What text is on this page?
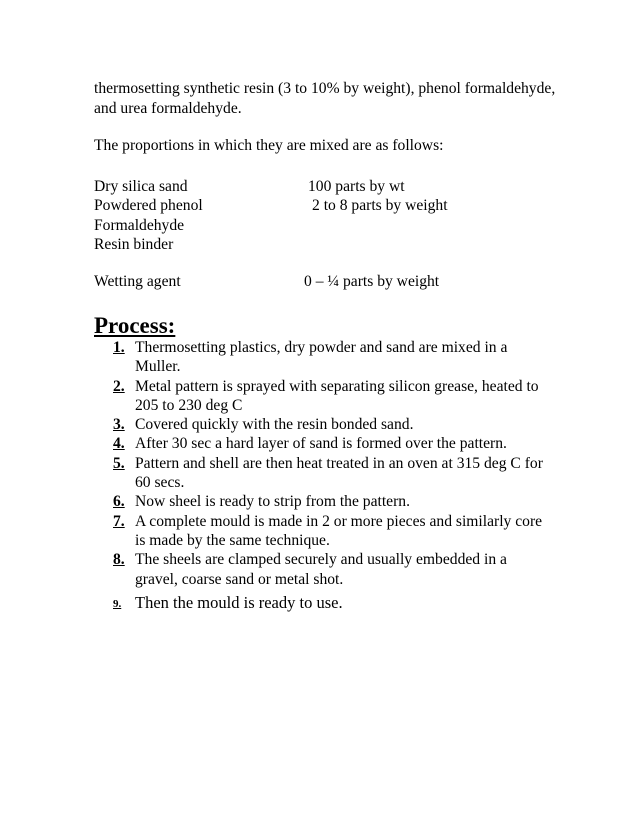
thermosetting synthetic resin (3 to 10% by weight), phenol formaldehyde, and urea formaldehyde.

The proportions in which they are mixed are as follows:

Dry silica sand	100 parts by wt
Powdered phenol	2 to 8 parts by weight
Formaldehyde
Resin binder
Wetting agent	0 – ¼ parts by weight
Process:
1. Thermosetting plastics, dry powder and sand are mixed in a Muller.
2. Metal pattern is sprayed with separating silicon grease, heated to 205 to 230 deg C
3. Covered quickly with the resin bonded sand.
4. After 30 sec a hard layer of sand is formed over the pattern.
5. Pattern and shell are then heat treated in an oven at 315 deg C for 60 secs.
6. Now sheel is ready to strip from the pattern.
7. A complete mould is made in 2 or more pieces and similarly core is made by the same technique.
8. The sheels are clamped securely and usually embedded in a gravel, coarse sand or metal shot.
9. Then the mould is ready to use.
